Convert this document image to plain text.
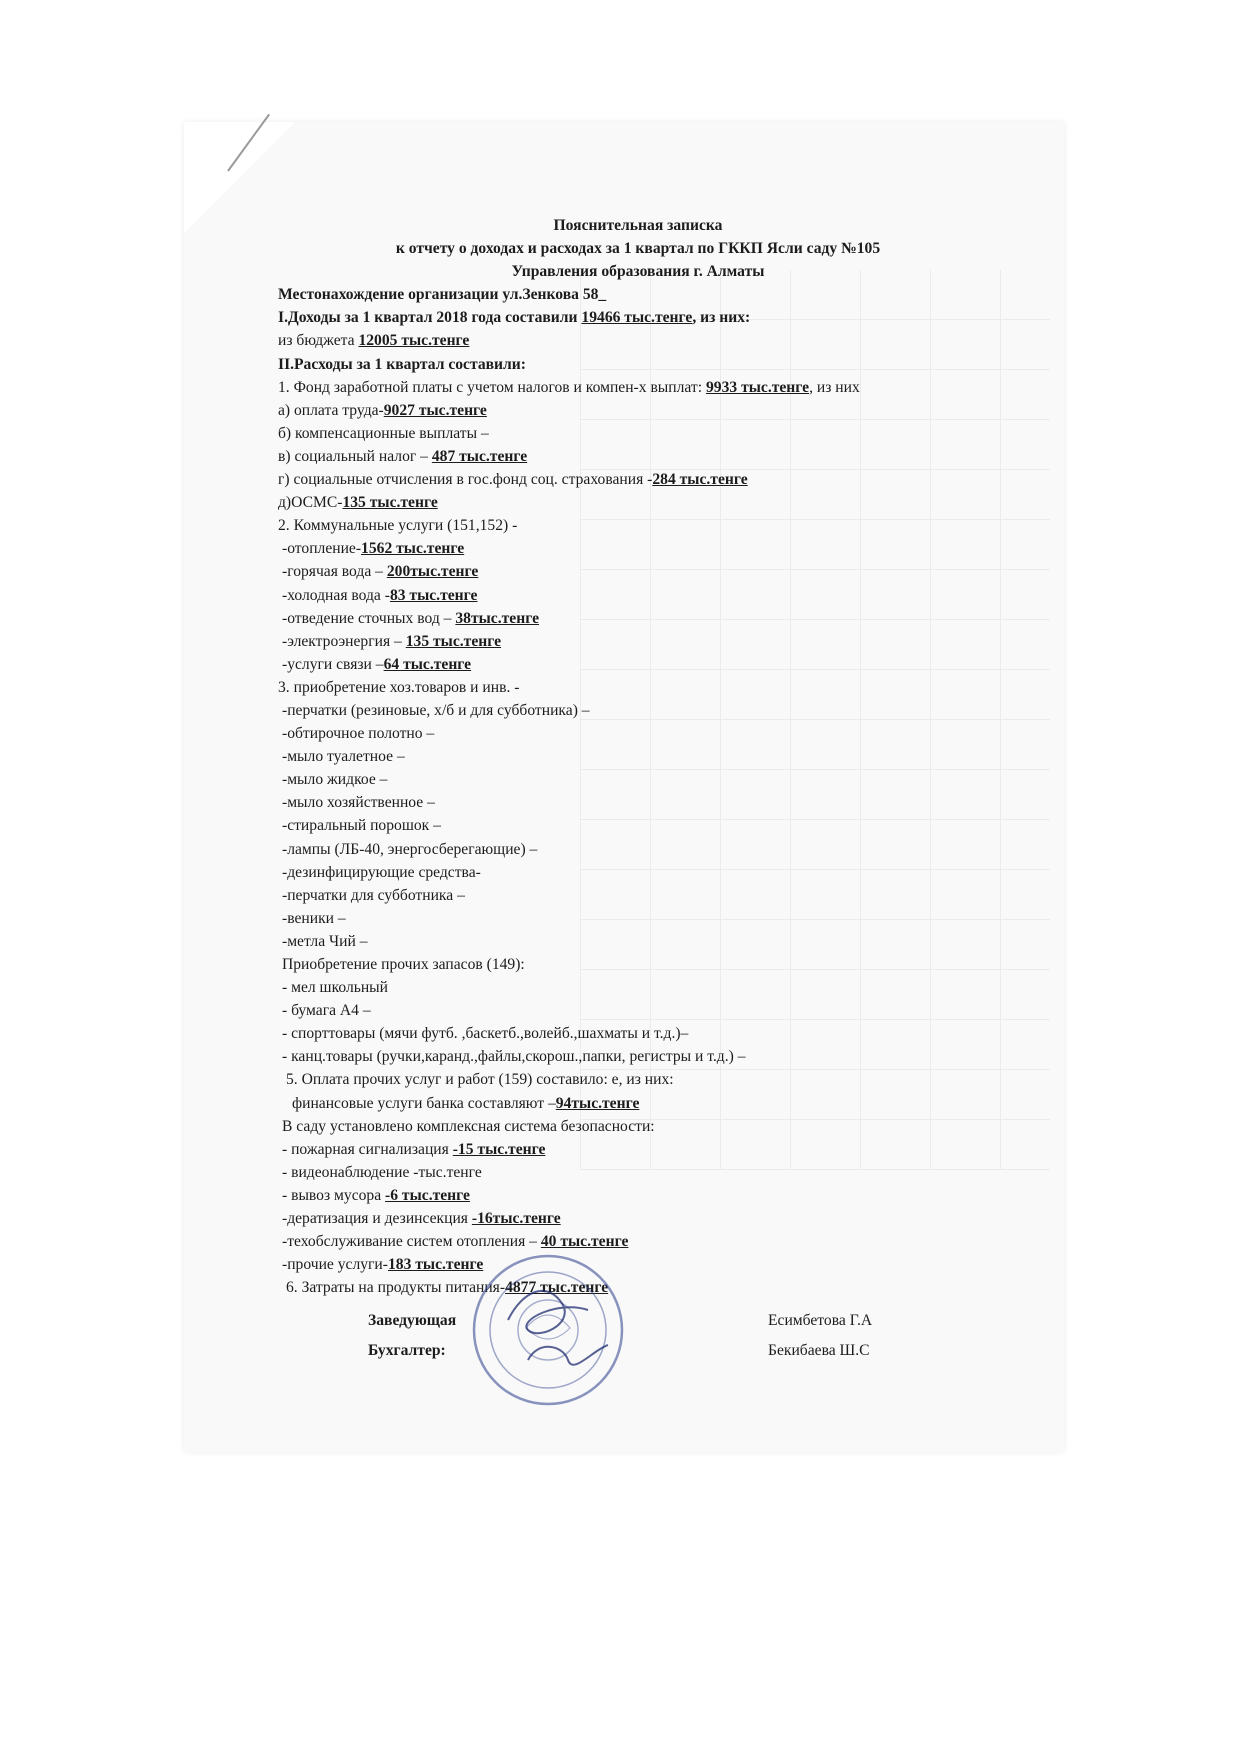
Пояснительная записка
к отчету о доходах и расходах за 1 квартал по ГККП Ясли саду №105
Управления образования г. Алматы
Местонахождение организации ул.Зенкова 58_
I.Доходы за 1 квартал 2018 года составили 19466 тыс.тенге, из них:
из бюджета 12005 тыс.тенге
II.Расходы за 1 квартал составили:
1. Фонд заработной платы с учетом налогов и компен-х выплат: 9933 тыс.тенге, из них
а) оплата труда-9027 тыс.тенге
б) компенсационные выплаты –
в) социальный налог – 487 тыс.тенге
г) социальные отчисления в гос.фонд соц. страхования -284 тыс.тенге
д)ОСМС-135 тыс.тенге
2. Коммунальные услуги (151,152) -
-отопление-1562 тыс.тенге
-горячая вода – 200тыс.тенге
-холодная вода -83 тыс.тенге
-отведение сточных вод – 38тыс.тенге
-электроэнергия – 135 тыс.тенге
-услуги связи –64 тыс.тенге
3. приобретение хоз.товаров и инв. -
-перчатки (резиновые, х/б и для субботника) –
-обтирочное полотно –
-мыло туалетное –
-мыло жидкое –
-мыло хозяйственное –
-стиральный порошок –
-лампы (ЛБ-40, энергосберегающие) –
-дезинфицирующие средства-
-перчатки для субботника –
-веники –
-метла Чий –
Приобретение прочих запасов (149):
- мел школьный
- бумага А4 –
- спорттовары (мячи футб. ,баскетб.,волейб.,шахматы и т.д.)–
- канц.товары (ручки,каранд.,файлы,скорош.,папки, регистры и т.д.) –
5. Оплата прочих услуг и работ (159) составило: е, из них:
финансовые услуги банка составляют –94тыс.тенге
В саду установлено комплексная система безопасности:
- пожарная сигнализация -15 тыс.тенге
- видеонаблюдение -тыс.тенге
- вывоз мусора -6 тыс.тенге
-дератизация и дезинсекция -16тыс.тенге
-техобслуживание систем отопления – 40 тыс.тенге
-прочие услуги-183 тыс.тенге
6. Затраты на продукты питания-4877 тыс.тенге
Заведующая	Есимбетова Г.А
Бухгалтер:	Бекибаева Ш.С
